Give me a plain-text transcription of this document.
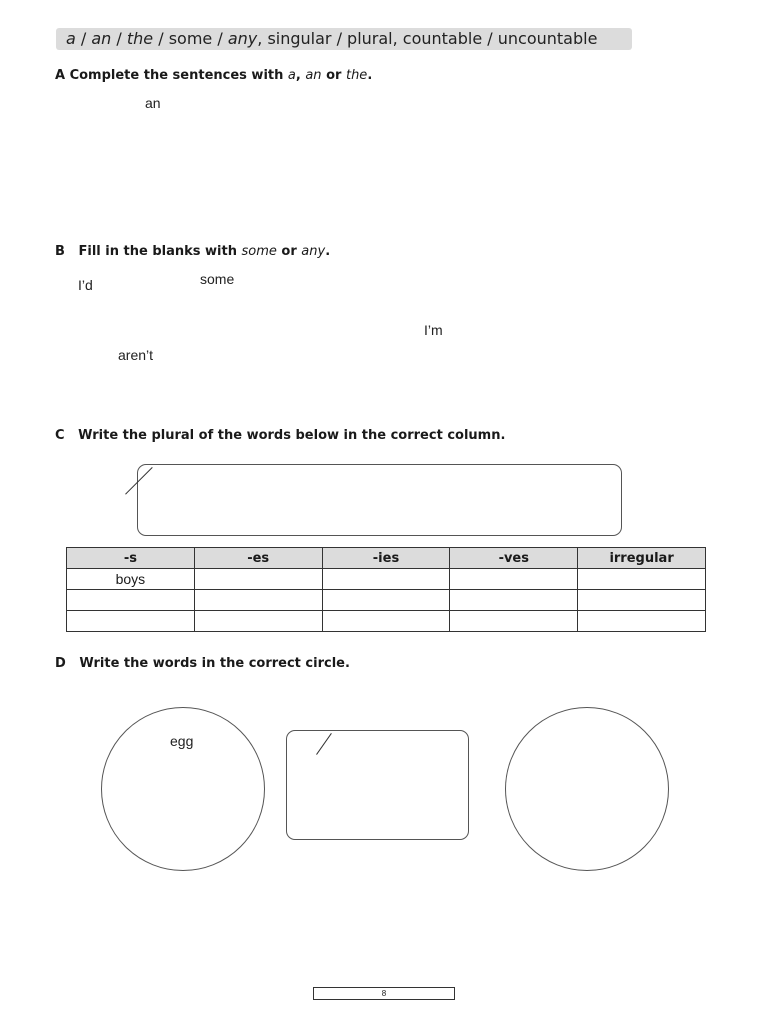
a / an / the / some / any, singular / plural, countable / uncountable
A Complete the sentences with a, an or the.
an
B Fill in the blanks with some or any.
I’d	some
I’m
aren’t
C Write the plural of the words below in the correct column.
-s	-es	-ies	-ves	irregular
boys				

D Write the words in the correct circle.
egg
8
